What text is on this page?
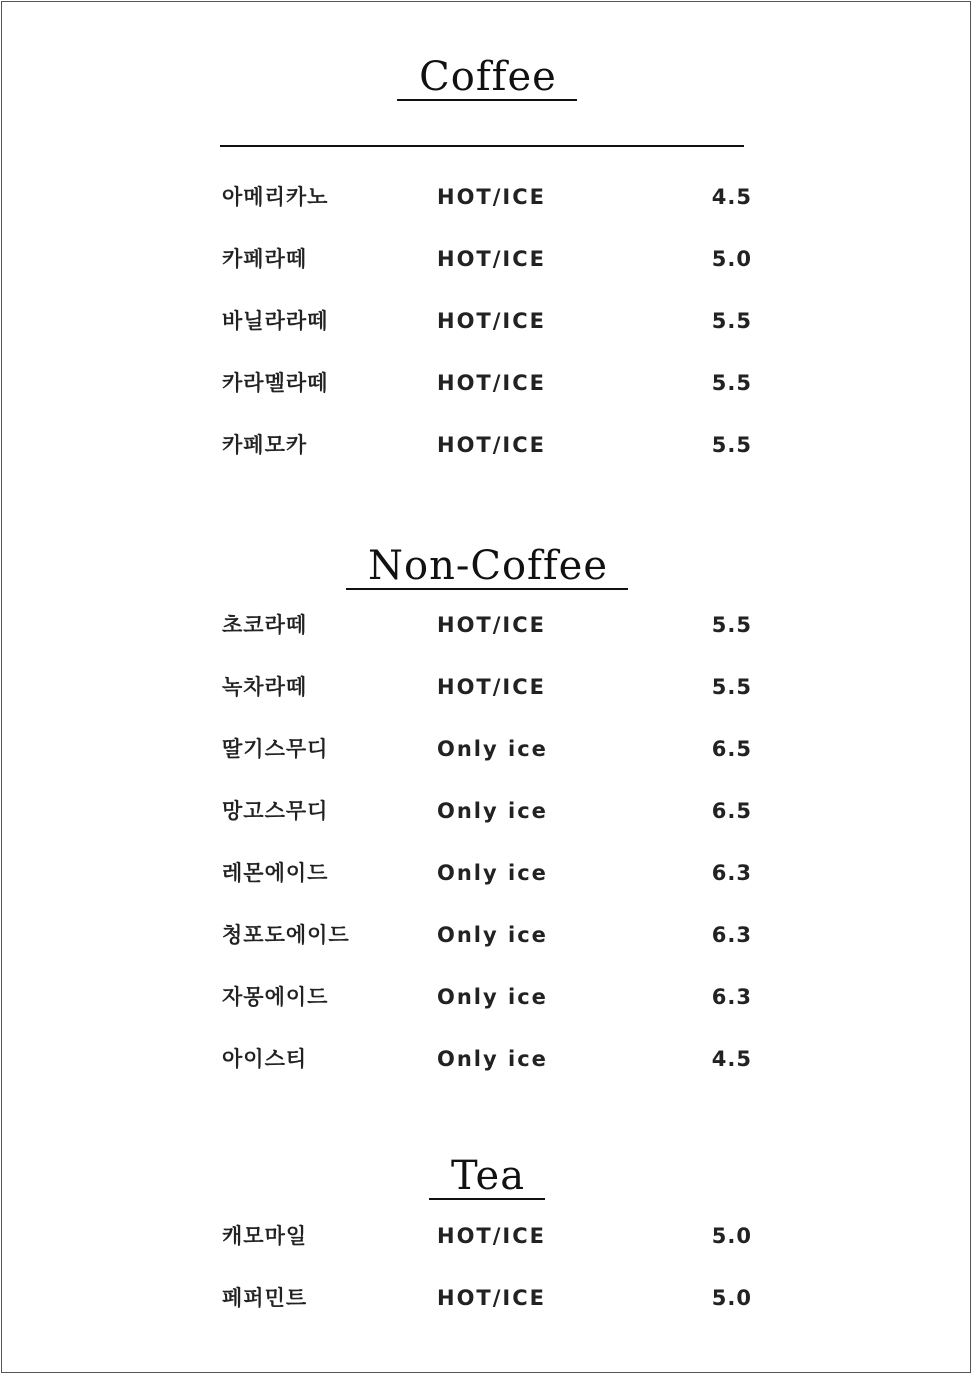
Coffee
아메리카노	HOT/ICE	4.5
카페라떼	HOT/ICE	5.0
바닐라라떼	HOT/ICE	5.5
카라멜라떼	HOT/ICE	5.5
카페모카	HOT/ICE	5.5
Non-Coffee
초코라떼	HOT/ICE	5.5
녹차라떼	HOT/ICE	5.5
딸기스무디	Only ice	6.5
망고스무디	Only ice	6.5
레몬에이드	Only ice	6.3
청포도에이드	Only ice	6.3
자몽에이드	Only ice	6.3
아이스티	Only ice	4.5
Tea
캐모마일	HOT/ICE	5.0
페퍼민트	HOT/ICE	5.0
